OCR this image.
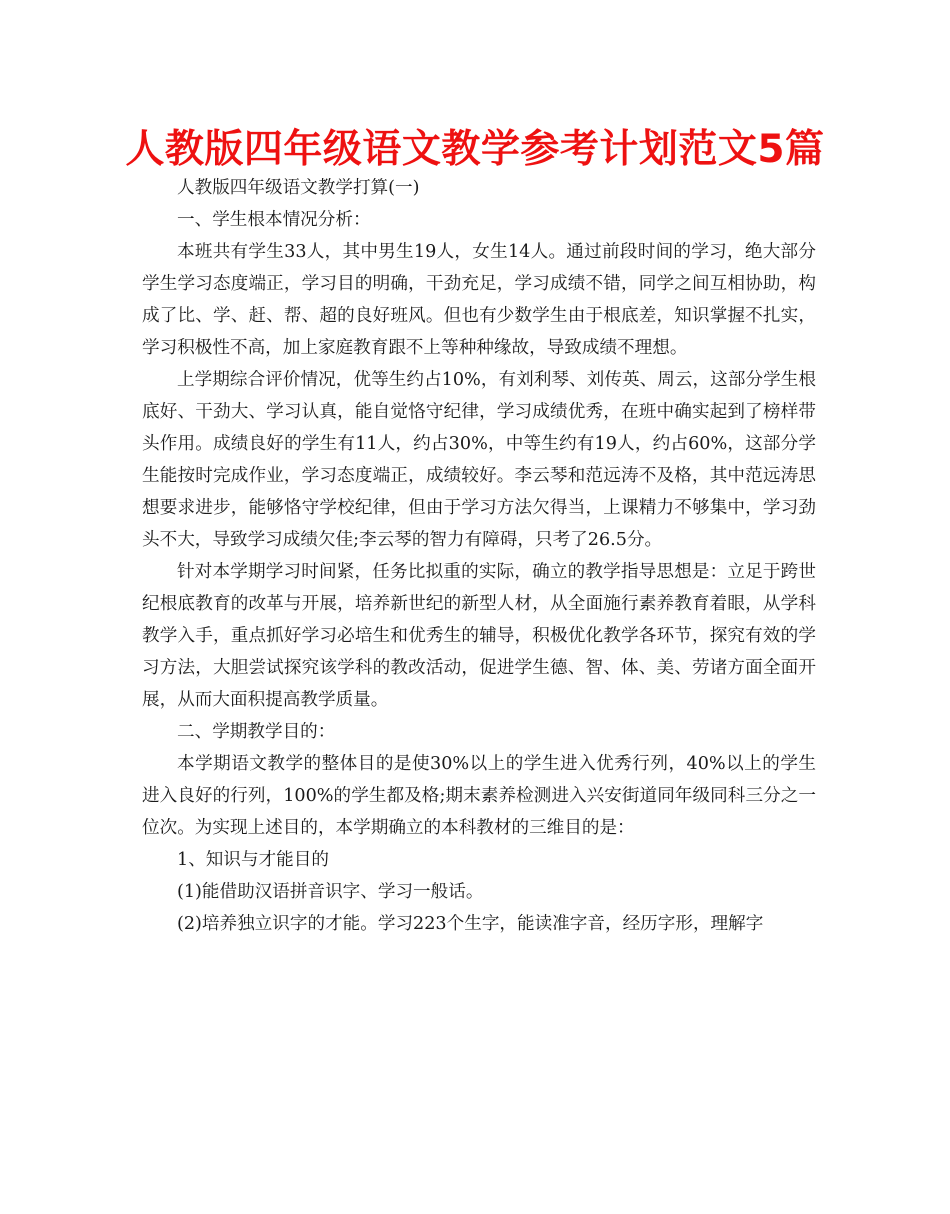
人教版四年级语文教学参考计划范文5篇

人教版四年级语文教学打算(一)

一、学生根本情况分析：

本班共有学生33人，其中男生19人，女生14人。通过前段时间的学习，绝大部分学生学习态度端正，学习目的明确，干劲充足，学习成绩不错，同学之间互相协助，构成了比、学、赶、帮、超的良好班风。但也有少数学生由于根底差，知识掌握不扎实，学习积极性不高，加上家庭教育跟不上等种种缘故，导致成绩不理想。

上学期综合评价情况，优等生约占10%，有刘利琴、刘传英、周云，这部分学生根底好、干劲大、学习认真，能自觉恪守纪律，学习成绩优秀，在班中确实起到了榜样带头作用。成绩良好的学生有11人，约占30%，中等生约有19人，约占60%，这部分学生能按时完成作业，学习态度端正，成绩较好。李云琴和范远涛不及格，其中范远涛思想要求进步，能够恪守学校纪律，但由于学习方法欠得当，上课精力不够集中，学习劲头不大，导致学习成绩欠佳;李云琴的智力有障碍，只考了26.5分。

针对本学期学习时间紧，任务比拟重的实际，确立的教学指导思想是：立足于跨世纪根底教育的改革与开展，培养新世纪的新型人材，从全面施行素养教育着眼，从学科教学入手，重点抓好学习必培生和优秀生的辅导，积极优化教学各环节，探究有效的学习方法，大胆尝试探究该学科的教改活动，促进学生德、智、体、美、劳诸方面全面开展，从而大面积提高教学质量。

二、学期教学目的：

本学期语文教学的整体目的是使30%以上的学生进入优秀行列，40%以上的学生进入良好的行列，100%的学生都及格;期末素养检测进入兴安街道同年级同科三分之一位次。为实现上述目的，本学期确立的本科教材的三维目的是：

1、知识与才能目的

(1)能借助汉语拼音识字、学习一般话。

(2)培养独立识字的才能。学习223个生字，能读准字音，经历字形，理解字
